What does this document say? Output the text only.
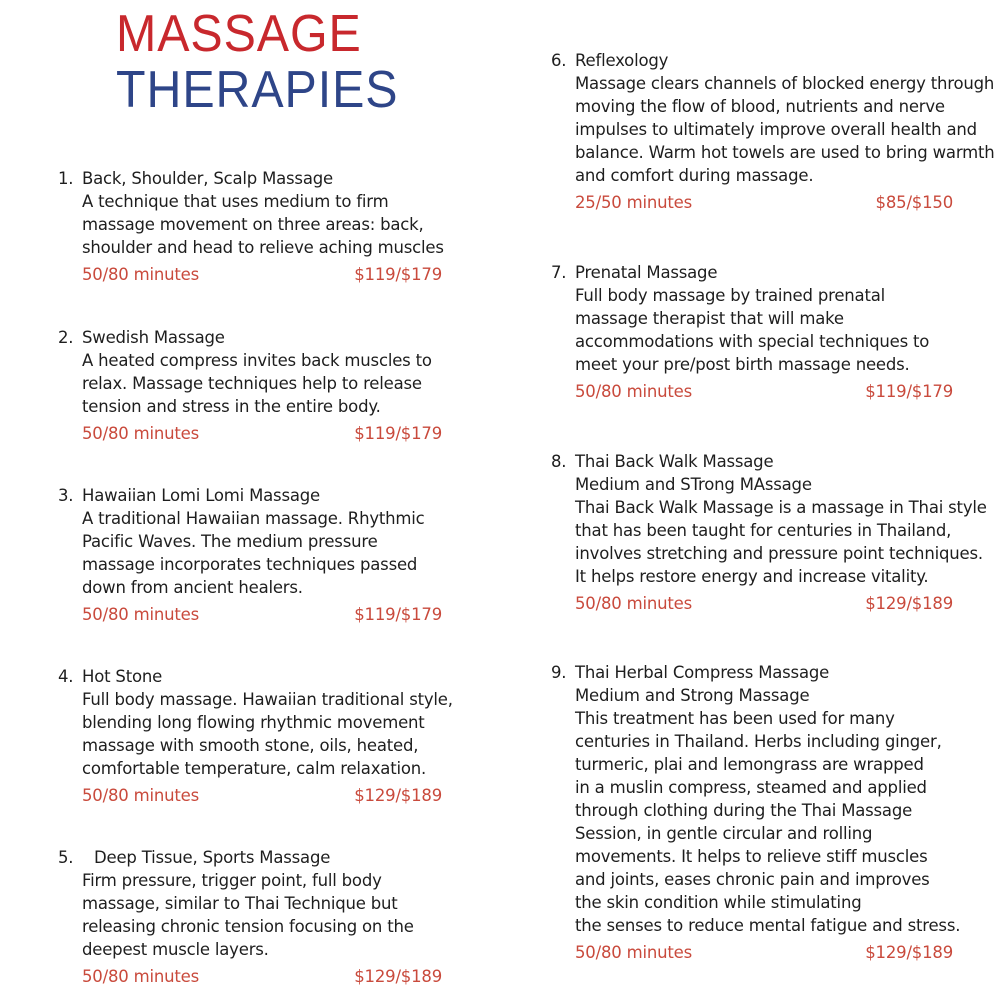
MASSAGE
THERAPIES
1. Back, Shoulder, Scalp Massage
A technique that uses medium to firm
massage movement on three areas: back,
shoulder and head to relieve aching muscles
50/80 minutes	$119/$179
2. Swedish Massage
A heated compress invites back muscles to
relax. Massage techniques help to release
tension and stress in the entire body.
50/80 minutes	$119/$179
3. Hawaiian Lomi Lomi Massage
A traditional Hawaiian massage. Rhythmic
Pacific Waves. The medium pressure
massage incorporates techniques passed
down from ancient healers.
50/80 minutes	$119/$179
4. Hot Stone
Full body massage. Hawaiian traditional style,
blending long flowing rhythmic movement
massage with smooth stone, oils, heated,
comfortable temperature, calm relaxation.
50/80 minutes	$129/$189
5.	Deep Tissue, Sports Massage
Firm pressure, trigger point, full body
massage, similar to Thai Technique but
releasing chronic tension focusing on the
deepest muscle layers.
50/80 minutes	$129/$189
6. Reflexology
Massage clears channels of blocked energy through
moving the flow of blood, nutrients and nerve
impulses to ultimately improve overall health and
balance. Warm hot towels are used to bring warmth
and comfort during massage.
25/50 minutes	$85/$150
7. Prenatal Massage
Full body massage by trained prenatal
massage therapist that will make
accommodations with special techniques to
meet your pre/post birth massage needs.
50/80 minutes	$119/$179
8. Thai Back Walk Massage
Medium and STrong MAssage
Thai Back Walk Massage is a massage in Thai style
that has been taught for centuries in Thailand,
involves stretching and pressure point techniques.
It helps restore energy and increase vitality.
50/80 minutes	$129/$189
9. Thai Herbal Compress Massage
Medium and Strong Massage
This treatment has been used for many
centuries in Thailand. Herbs including ginger,
turmeric, plai and lemongrass are wrapped
in a muslin compress, steamed and applied
through clothing during the Thai Massage
Session, in gentle circular and rolling
movements. It helps to relieve stiff muscles
and joints, eases chronic pain and improves
the skin condition while stimulating
the senses to reduce mental fatigue and stress.
50/80 minutes	$129/$189
